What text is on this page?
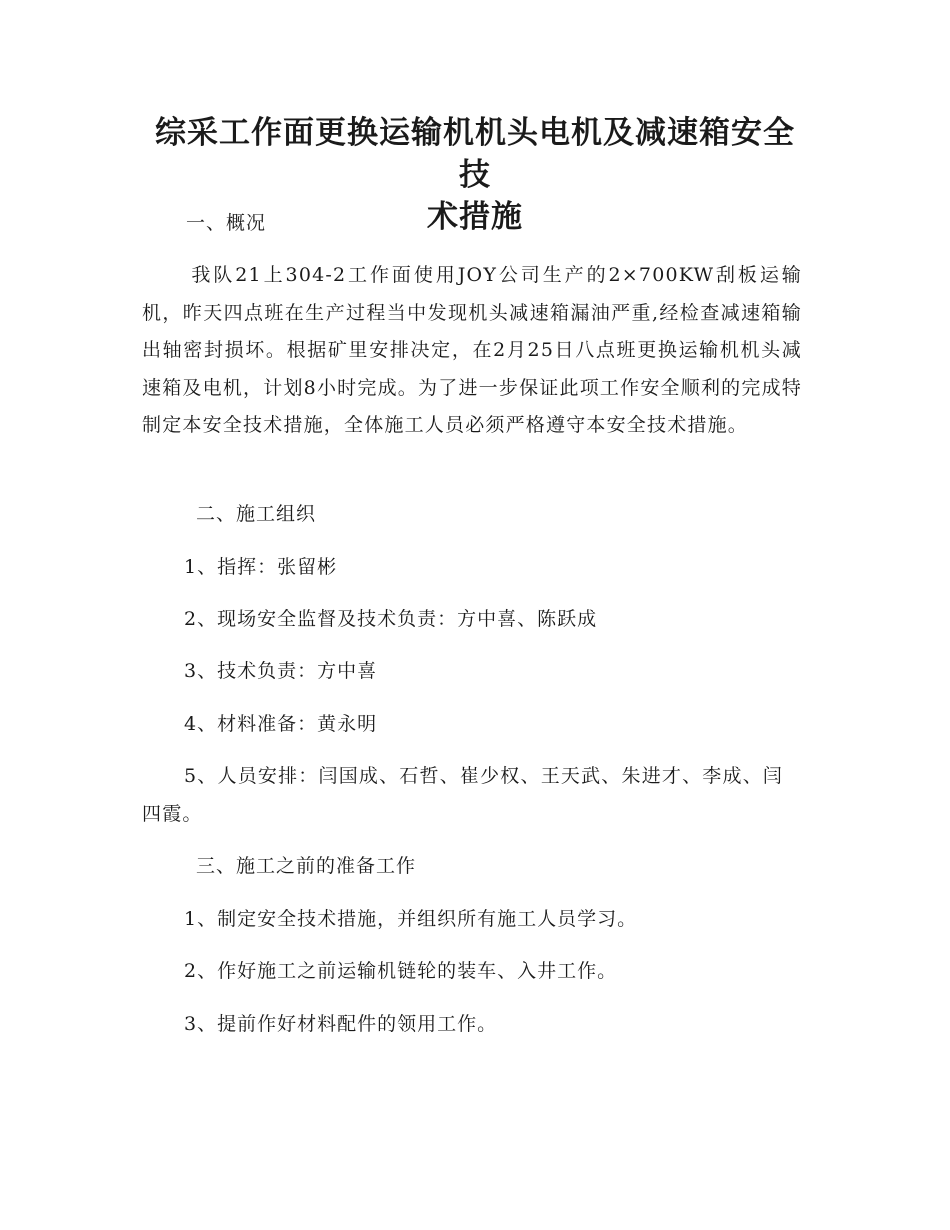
综采工作面更换运输机机头电机及减速箱安全技
术措施

一、概况

我队21上304-2工作面使用JOY公司生产的2×700KW刮板运输机，昨天四点班在生产过程当中发现机头减速箱漏油严重,经检查减速箱输出轴密封损坏。根据矿里安排决定，在2月25日八点班更换运输机机头减速箱及电机，计划8小时完成。为了进一步保证此项工作安全顺利的完成特制定本安全技术措施，全体施工人员必须严格遵守本安全技术措施。

二、施工组织

1、指挥：张留彬

2、现场安全监督及技术负责：方中喜、陈跃成

3、技术负责：方中喜

4、材料准备：黄永明

5、人员安排：闫国成、石哲、崔少权、王天武、朱进才、李成、闫四霞。

三、施工之前的准备工作

1、制定安全技术措施，并组织所有施工人员学习。

2、作好施工之前运输机链轮的装车、入井工作。

3、提前作好材料配件的领用工作。
